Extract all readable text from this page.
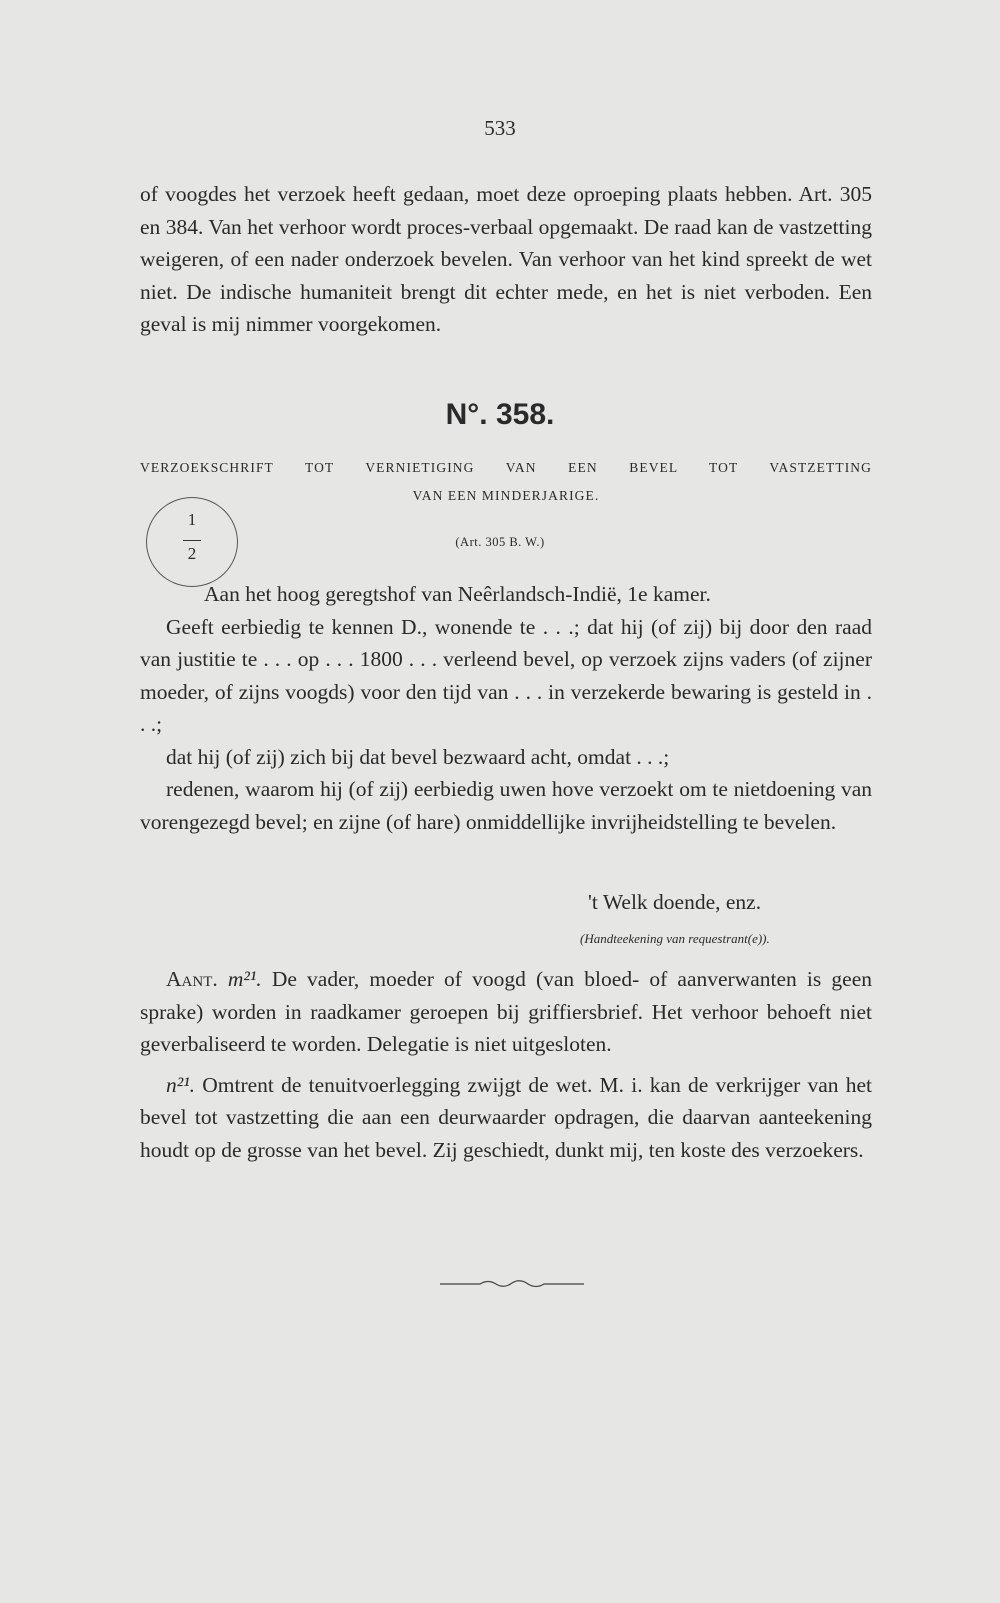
533
of voogdes het verzoek heeft gedaan, moet deze oproeping plaats hebben. Art. 305 en 384. Van het verhoor wordt proces-verbaal opgemaakt. De raad kan de vastzetting weigeren, of een nader onderzoek bevelen. Van verhoor van het kind spreekt de wet niet. De indische humaniteit brengt dit echter mede, en het is niet verboden. Een geval is mij nimmer voorgekomen.
N°. 358.
VERZOEKSCHRIFT TOT VERNIETIGING VAN EEN BEVEL TOT VASTZETTING
VAN EEN MINDERJARIGE.
1
2
(Art. 305 B. W.)

Aan het hoog geregtshof van Neêrlandsch-Indië, 1e kamer.

Geeft eerbiedig te kennen D., wonende te . . .; dat hij (of zij) bij door den raad van justitie te . . . op . . . 1800 . . . verleend bevel, op verzoek zijns vaders (of zijner moeder, of zijns voogds) voor den tijd van . . . in verzekerde bewaring is gesteld in . . .;

dat hij (of zij) zich bij dat bevel bezwaard acht, omdat . . .;

redenen, waarom hij (of zij) eerbiedig uwen hove verzoekt om te nietdoening van vorengezegd bevel; en zijne (of hare) onmiddellijke invrijheidstelling te bevelen.

't Welk doende, enz.
(Handteekening van requestrant(e)).

Aant. m²¹. De vader, moeder of voogd (van bloed- of aanverwanten is geen sprake) worden in raadkamer geroepen bij griffiersbrief. Het verhoor behoeft niet geverbaliseerd te worden. Delegatie is niet uitgesloten.

n²¹. Omtrent de tenuitvoerlegging zwijgt de wet. M. i. kan de verkrijger van het bevel tot vastzetting die aan een deurwaarder opdragen, die daarvan aanteekening houdt op de grosse van het bevel. Zij geschiedt, dunkt mij, ten koste des verzoekers.
